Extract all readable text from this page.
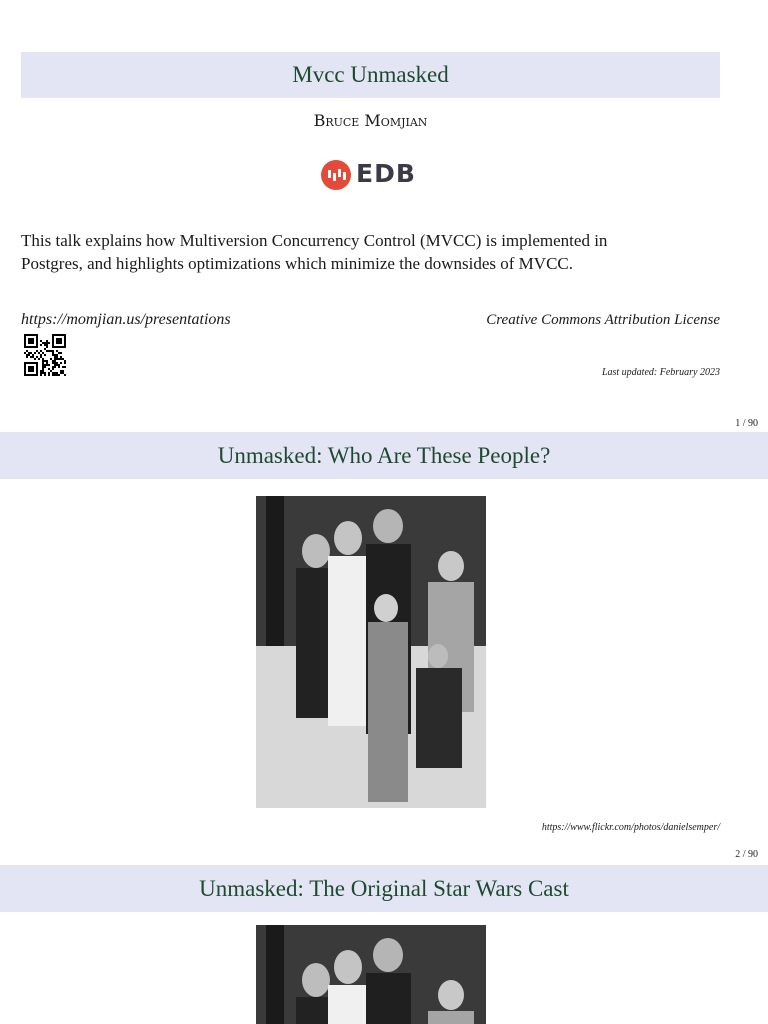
Mvcc Unmasked
Bruce Momjian
EDB
This talk explains how Multiversion Concurrency Control (MVCC) is implemented in
Postgres, and highlights optimizations which minimize the downsides of MVCC.
https://momjian.us/presentations	Creative Commons Attribution License
Last updated: February 2023
1 / 90
Unmasked: Who Are These People?
https://www.flickr.com/photos/danielsemper/
2 / 90
Unmasked: The Original Star Wars Cast
